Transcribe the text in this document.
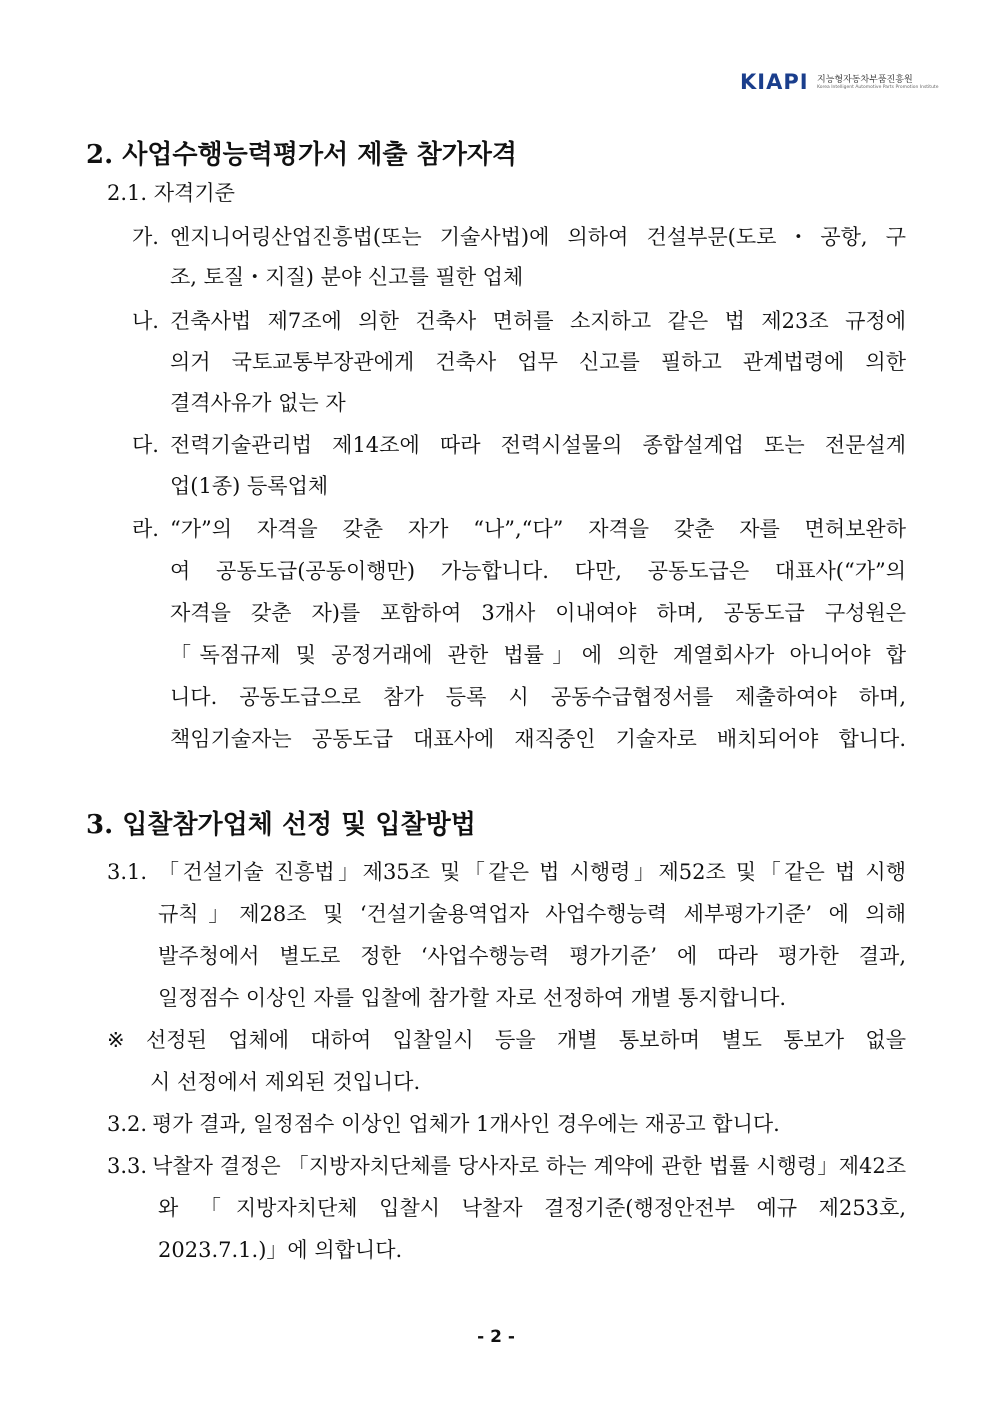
KIAPI 지능형자동차부품진흥원
Korea Intelligent Automotive Parts Promotion Institute
2. 사업수행능력평가서 제출 참가자격
2.1. 자격기준
가. 엔지니어링산업진흥법(또는 기술사법)에 의하여 건설부문(도로・공항, 구
조, 토질・지질) 분야 신고를 필한 업체
나. 건축사법 제7조에 의한 건축사 면허를 소지하고 같은 법 제23조 규정에
의거 국토교통부장관에게 건축사 업무 신고를 필하고 관계법령에 의한
결격사유가 없는 자
다. 전력기술관리법 제14조에 따라 전력시설물의 종합설계업 또는 전문설계
업(1종) 등록업체
라. “가”의 자격을 갖춘 자가 “나”,“다” 자격을 갖춘 자를 면허보완하
여 공동도급(공동이행만) 가능합니다. 다만, 공동도급은 대표사(“가”의
자격을 갖춘 자)를 포함하여 3개사 이내여야 하며, 공동도급 구성원은
「독점규제 및 공정거래에 관한 법률」에 의한 계열회사가 아니어야 합
니다. 공동도급으로 참가 등록 시 공동수급협정서를 제출하여야 하며,
책임기술자는 공동도급 대표사에 재직중인 기술자로 배치되어야 합니다.
3. 입찰참가업체 선정 및 입찰방법
3.1. 「건설기술 진흥법」제35조 및「같은 법 시행령」제52조 및「같은 법 시행
규칙」제28조 및 ‘건설기술용역업자 사업수행능력 세부평가기준’ 에 의해
발주청에서 별도로 정한 ‘사업수행능력 평가기준’ 에 따라 평가한 결과,
일정점수 이상인 자를 입찰에 참가할 자로 선정하여 개별 통지합니다.
※ 선정된 업체에 대하여 입찰일시 등을 개별 통보하며 별도 통보가 없을
시 선정에서 제외된 것입니다.
3.2. 평가 결과, 일정점수 이상인 업체가 1개사인 경우에는 재공고 합니다.
3.3. 낙찰자 결정은 「지방자치단체를 당사자로 하는 계약에 관한 법률 시행령」제42조
와 「지방자치단체 입찰시 낙찰자 결정기준(행정안전부 예규 제253호,
2023.7.1.)」에 의합니다.
- 2 -
